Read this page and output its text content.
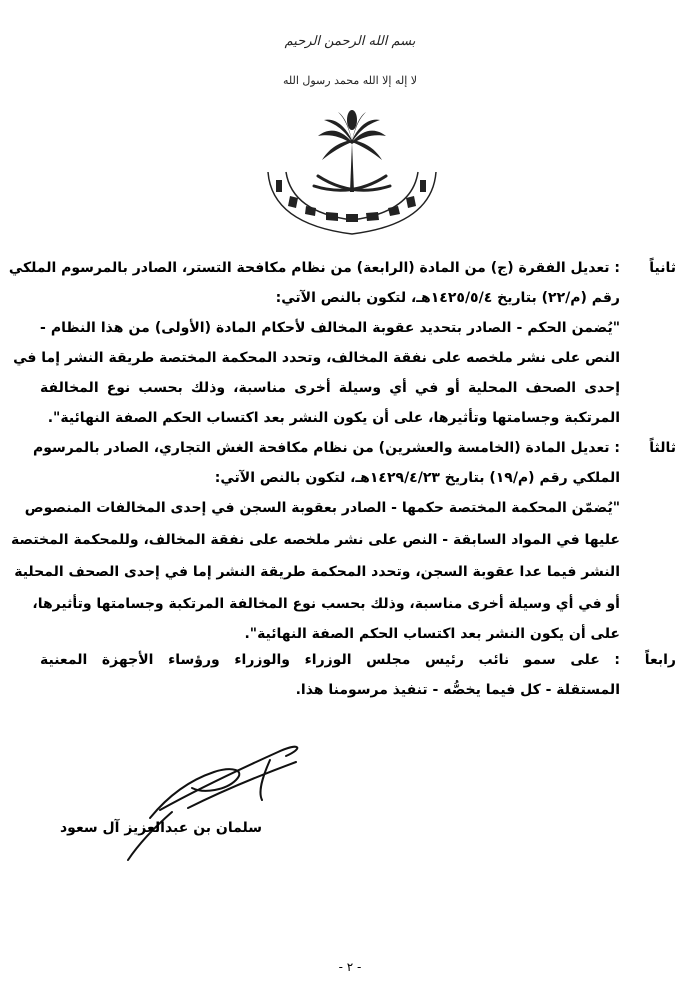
بسم الله الرحمن الرحيم
لا إله إلا الله محمد رسول الله
ثانياً
: تعديل الفقرة (ج) من المادة (الرابعة) من نظام مكافحة التستر، الصادر بالمرسوم الملكي
رقم (م/٢٢) بتاريخ ١٤٢٥/٥/٤هـ، لتكون بالنص الآتي:
"يُضمن الحكم - الصادر بتحديد عقوبة المخالف لأحكام المادة (الأولى) من هذا النظام -
النص على نشر ملخصه على نفقة المخالف، وتحدد المحكمة المختصة طريقة النشر إما في
إحدى الصحف المحلية أو في أي وسيلة أخرى مناسبة، وذلك بحسب نوع المخالفة
المرتكبة وجسامتها وتأثيرها، على أن يكون النشر بعد اكتساب الحكم الصفة النهائية".
ثالثاً
: تعديل المادة (الخامسة والعشرين) من نظام مكافحة الغش التجاري، الصادر بالمرسوم
الملكي رقم (م/١٩) بتاريخ ١٤٢٩/٤/٢٣هـ، لتكون بالنص الآتي:
"يُضمّن المحكمة المختصة حكمها - الصادر بعقوبة السجن في إحدى المخالفات المنصوص
عليها في المواد السابقة - النص على نشر ملخصه على نفقة المخالف، وللمحكمة المختصة
النشر فيما عدا عقوبة السجن، وتحدد المحكمة طريقة النشر إما في إحدى الصحف المحلية
أو في أي وسيلة أخرى مناسبة، وذلك بحسب نوع المخالفة المرتكبة وجسامتها وتأثيرها،
على أن يكون النشر بعد اكتساب الحكم الصفة النهائية".
رابعاً
: على سمو نائب رئيس مجلس الوزراء والوزراء ورؤساء الأجهزة المعنية
المستقلة - كل فيما يخصُّه - تنفيذ مرسومنا هذا.
سلمان بن عبدالعزيز آل سعود
- ٢ -
